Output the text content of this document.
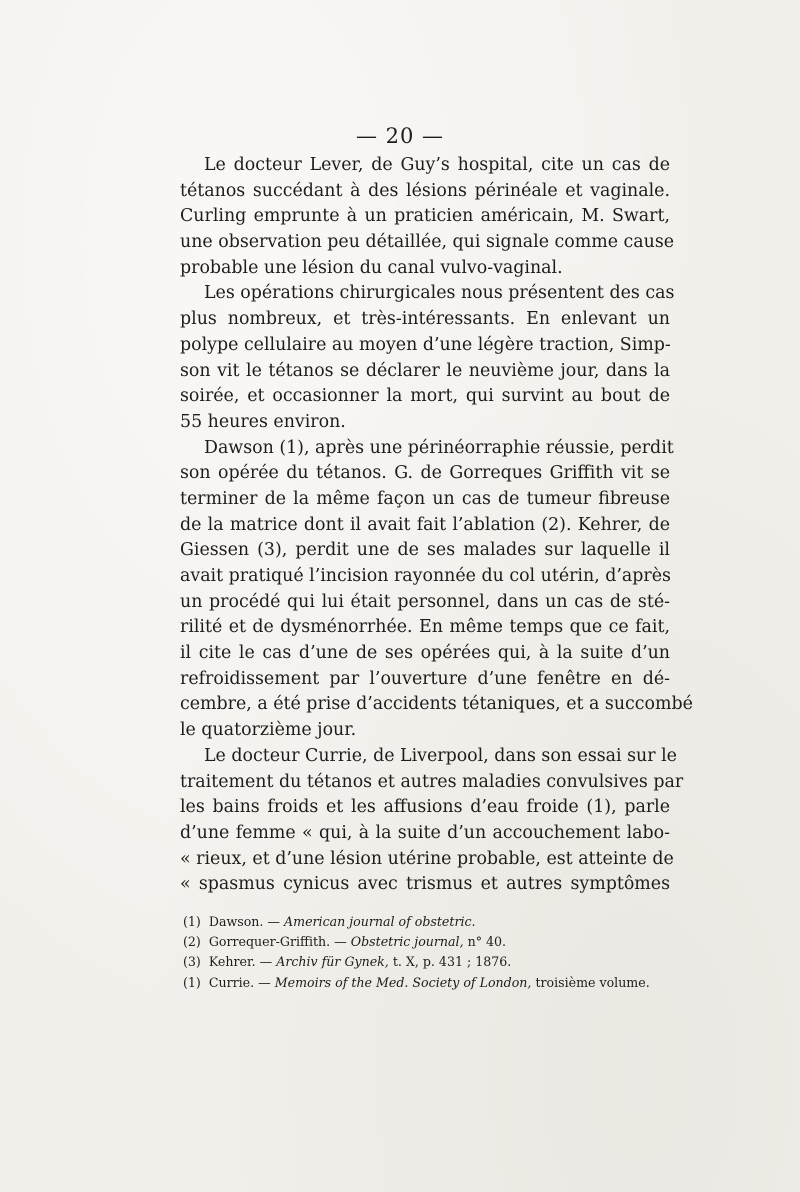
— 20 —
Le docteur Lever, de Guy’s hospital, cite un cas de
tétanos succédant à des lésions périnéale et vaginale.
Curling emprunte à un praticien américain, M. Swart,
une observation peu détaillée, qui signale comme cause
probable une lésion du canal vulvo-vaginal.
Les opérations chirurgicales nous présentent des cas
plus nombreux, et très-intéressants. En enlevant un
polype cellulaire au moyen d’une légère traction, Simp-
son vit le tétanos se déclarer le neuvième jour, dans la
soirée, et occasionner la mort, qui survint au bout de
55 heures environ.
Dawson (1), après une périnéorraphie réussie, perdit
son opérée du tétanos. G. de Gorreques Griffith vit se
terminer de la même façon un cas de tumeur fibreuse
de la matrice dont il avait fait l’ablation (2). Kehrer, de
Giessen (3), perdit une de ses malades sur laquelle il
avait pratiqué l’incision rayonnée du col utérin, d’après
un procédé qui lui était personnel, dans un cas de sté-
rilité et de dysménorrhée. En même temps que ce fait,
il cite le cas d’une de ses opérées qui, à la suite d’un
refroidissement par l’ouverture d’une fenêtre en dé-
cembre, a été prise d’accidents tétaniques, et a succombé
le quatorzième jour.
Le docteur Currie, de Liverpool, dans son essai sur le
traitement du tétanos et autres maladies convulsives par
les bains froids et les affusions d’eau froide (1), parle
d’une femme « qui, à la suite d’un accouchement labo-
« rieux, et d’une lésion utérine probable, est atteinte de
« spasmus cynicus avec trismus et autres symptômes
(1) Dawson. — American journal of obstetric.
(2) Gorrequer-Griffith. — Obstetric journal, n° 40.
(3) Kehrer. — Archiv für Gynek, t. X, p. 431 ; 1876.
(1) Currie. — Memoirs of the Med. Society of London, troisième volume.
